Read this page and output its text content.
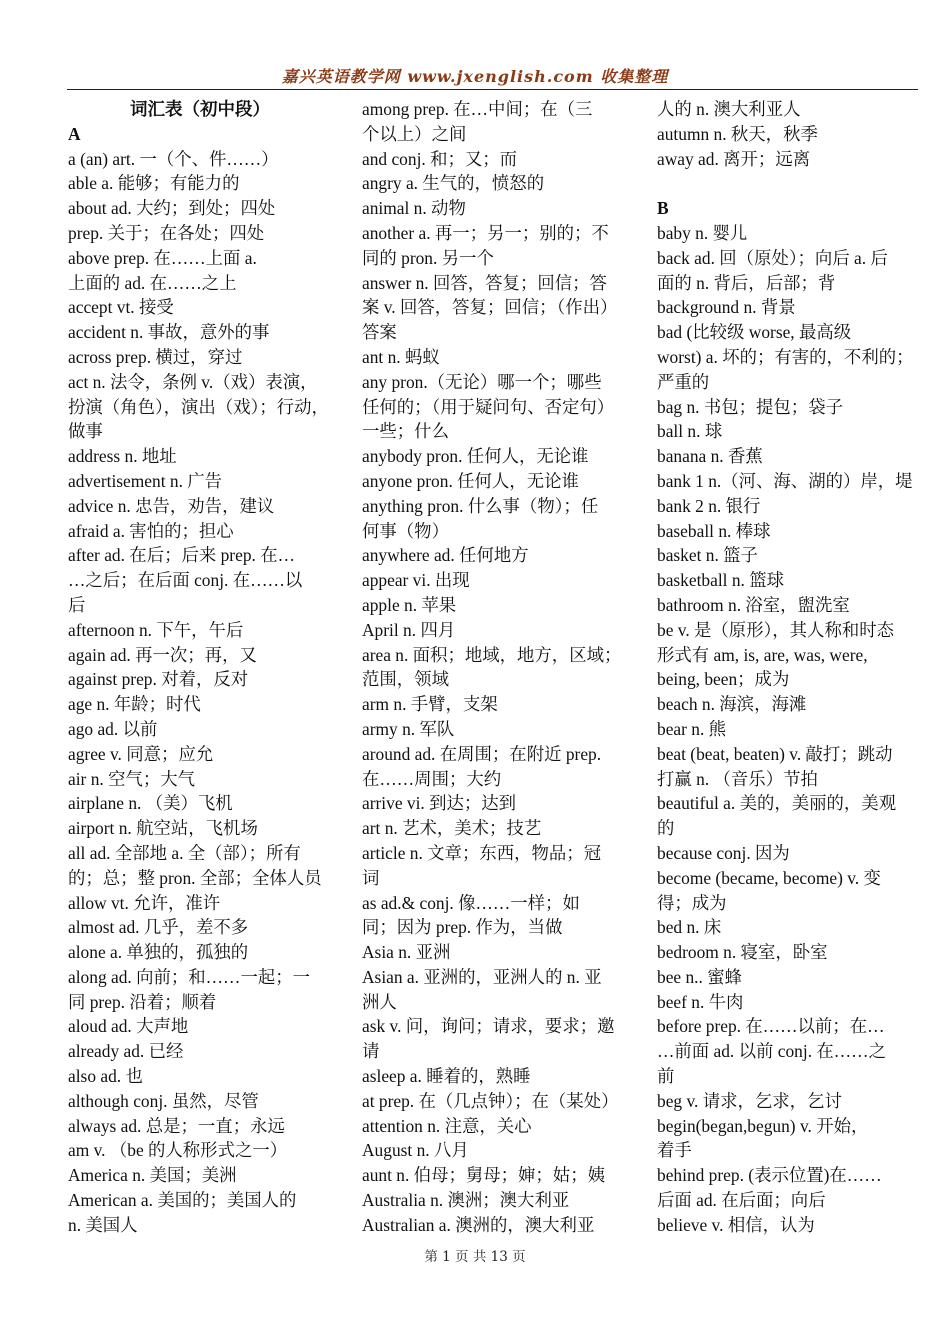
嘉兴英语教学网 www.jxenglish.com 收集整理

词汇表（初中段）

A

a (an) art. 一（个、件……）

able a. 能够；有能力的

about ad. 大约；到处；四处

prep. 关于；在各处；四处

above prep. 在……上面 a.

上面的 ad. 在……之上

accept vt. 接受

accident n. 事故，意外的事

across prep. 横过，穿过

act n. 法令，条例 v.（戏）表演，

扮演（角色），演出（戏）；行动，

做事

address n. 地址

advertisement n. 广告

advice n. 忠告，劝告，建议

afraid a. 害怕的；担心

after ad. 在后；后来 prep. 在…

…之后；在后面 conj. 在……以

后

afternoon n. 下午，午后

again ad. 再一次；再，又

against prep. 对着，反对

age n. 年龄；时代

ago ad. 以前

agree v. 同意；应允

air n. 空气；大气

airplane n. （美）飞机

airport n. 航空站，飞机场

all ad. 全部地 a. 全（部）；所有

的；总；整 pron. 全部；全体人员

allow vt. 允许，准许

almost ad. 几乎，差不多

alone a. 单独的，孤独的

along ad. 向前；和……一起；一

同 prep. 沿着；顺着

aloud ad. 大声地

already ad. 已经

also ad. 也

although conj. 虽然，尽管

always ad. 总是；一直；永远

am v. （be 的人称形式之一）

America n. 美国；美洲

American a. 美国的；美国人的

n. 美国人

among prep. 在…中间；在（三

个以上）之间

and conj. 和；又；而

angry a. 生气的，愤怒的

animal n. 动物

another a. 再一；另一；别的；不

同的 pron. 另一个

answer n. 回答，答复；回信；答

案 v. 回答，答复；回信；（作出）

答案

ant n. 蚂蚁

any pron.（无论）哪一个；哪些

任何的；（用于疑问句、否定句）

一些；什么

anybody pron. 任何人，无论谁

anyone pron. 任何人，无论谁

anything pron. 什么事（物）；任

何事（物）

anywhere ad. 任何地方

appear vi. 出现

apple n. 苹果

April n. 四月

area n. 面积；地域，地方，区域；

范围，领域

arm n. 手臂，支架

army n. 军队

around ad. 在周围；在附近 prep.

在……周围；大约

arrive vi. 到达；达到

art n. 艺术，美术；技艺

article n. 文章；东西，物品；冠

词

as ad.& conj. 像……一样；如

同；因为 prep. 作为，当做

Asia n. 亚洲

Asian a. 亚洲的，亚洲人的 n. 亚

洲人

ask v. 问，询问；请求，要求；邀

请

asleep a. 睡着的，熟睡

at prep. 在（几点钟）；在（某处）

attention n. 注意，关心

August n. 八月

aunt n. 伯母；舅母；婶；姑；姨

Australia n. 澳洲；澳大利亚

Australian a. 澳洲的，澳大利亚

人的 n. 澳大利亚人

autumn n. 秋天，秋季

away ad. 离开；远离

B

baby n. 婴儿

back ad. 回（原处）；向后 a. 后

面的 n. 背后，后部；背

background n. 背景

bad (比较级 worse, 最高级

worst) a. 坏的；有害的，不利的；

严重的

bag n. 书包；提包；袋子

ball n. 球

banana n. 香蕉

bank 1 n.（河、海、湖的）岸，堤

bank 2 n. 银行

baseball n. 棒球

basket n. 篮子

basketball n. 篮球

bathroom n. 浴室，盥洗室

be v. 是（原形），其人称和时态

形式有 am, is, are, was, were,

being, been；成为

beach n. 海滨，海滩

bear n. 熊

beat (beat, beaten) v. 敲打；跳动

打赢 n. （音乐）节拍

beautiful a. 美的，美丽的，美观

的

because conj. 因为

become (became, become) v. 变

得；成为

bed n. 床

bedroom n. 寝室，卧室

bee n.. 蜜蜂

beef n. 牛肉

before prep. 在……以前；在…

…前面 ad. 以前 conj. 在……之

前

beg v. 请求，乞求，乞讨

begin(began,begun) v. 开始，

着手

behind prep. (表示位置)在……

后面 ad. 在后面；向后

believe v. 相信，认为

第 1 页 共 13 页
